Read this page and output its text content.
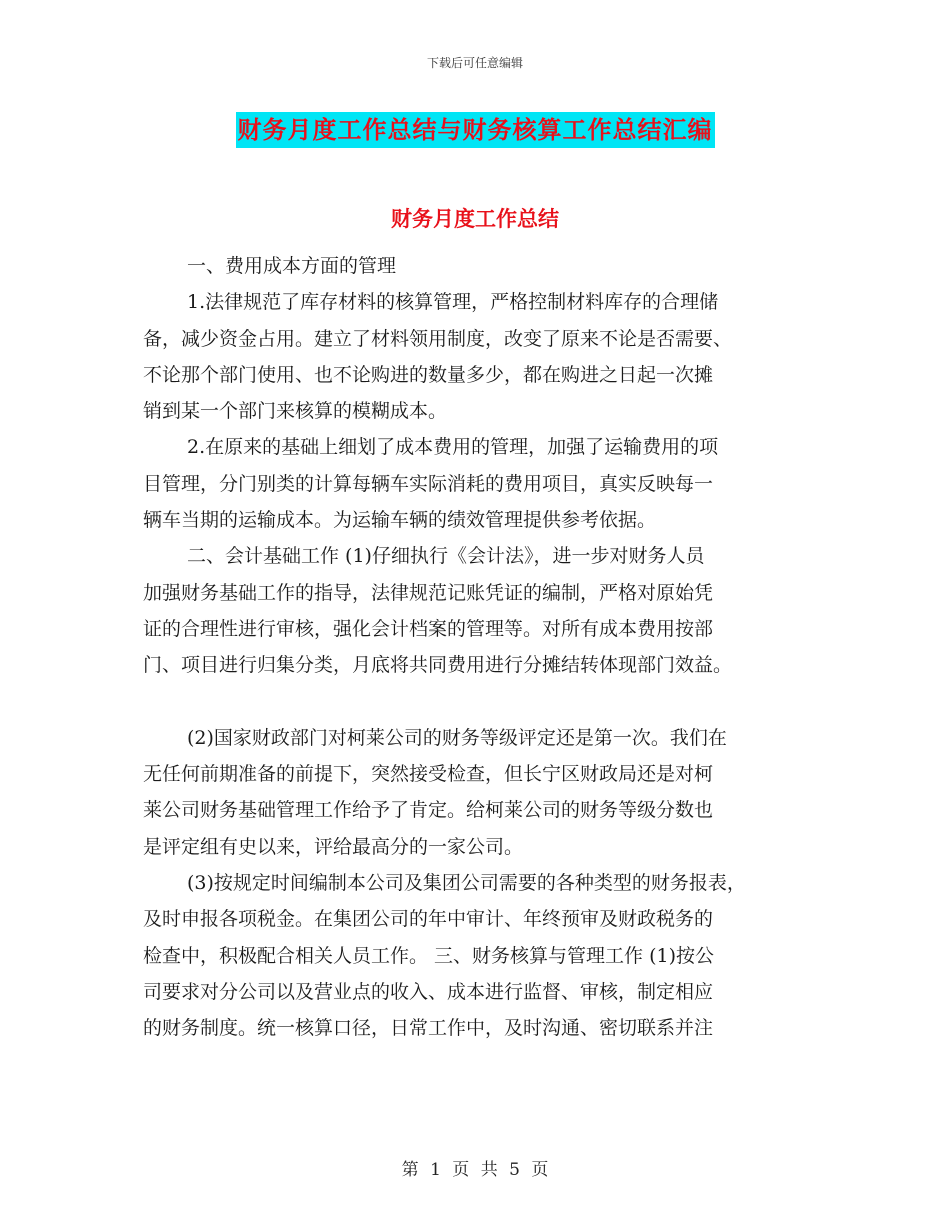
下载后可任意编辑
财务月度工作总结与财务核算工作总结汇编
财务月度工作总结
一、费用成本方面的管理
1.法律规范了库存材料的核算管理，严格控制材料库存的合理储
备，减少资金占用。建立了材料领用制度，改变了原来不论是否需要、
不论那个部门使用、也不论购进的数量多少，都在购进之日起一次摊
销到某一个部门来核算的模糊成本。
2.在原来的基础上细划了成本费用的管理，加强了运输费用的项
目管理，分门别类的计算每辆车实际消耗的费用项目，真实反映每一
辆车当期的运输成本。为运输车辆的绩效管理提供参考依据。
二、会计基础工作 (1)仔细执行《会计法》，进一步对财务人员
加强财务基础工作的指导，法律规范记账凭证的编制，严格对原始凭
证的合理性进行审核，强化会计档案的管理等。对所有成本费用按部
门、项目进行归集分类，月底将共同费用进行分摊结转体现部门效益。
(2)国家财政部门对柯莱公司的财务等级评定还是第一次。我们在
无任何前期准备的前提下，突然接受检查，但长宁区财政局还是对柯
莱公司财务基础管理工作给予了肯定。给柯莱公司的财务等级分数也
是评定组有史以来，评给最高分的一家公司。
(3)按规定时间编制本公司及集团公司需要的各种类型的财务报表，
及时申报各项税金。在集团公司的年中审计、年终预审及财政税务的
检查中，积极配合相关人员工作。 三、财务核算与管理工作 (1)按公
司要求对分公司以及营业点的收入、成本进行监督、审核，制定相应
的财务制度。统一核算口径，日常工作中，及时沟通、密切联系并注
第 1 页 共 5 页
